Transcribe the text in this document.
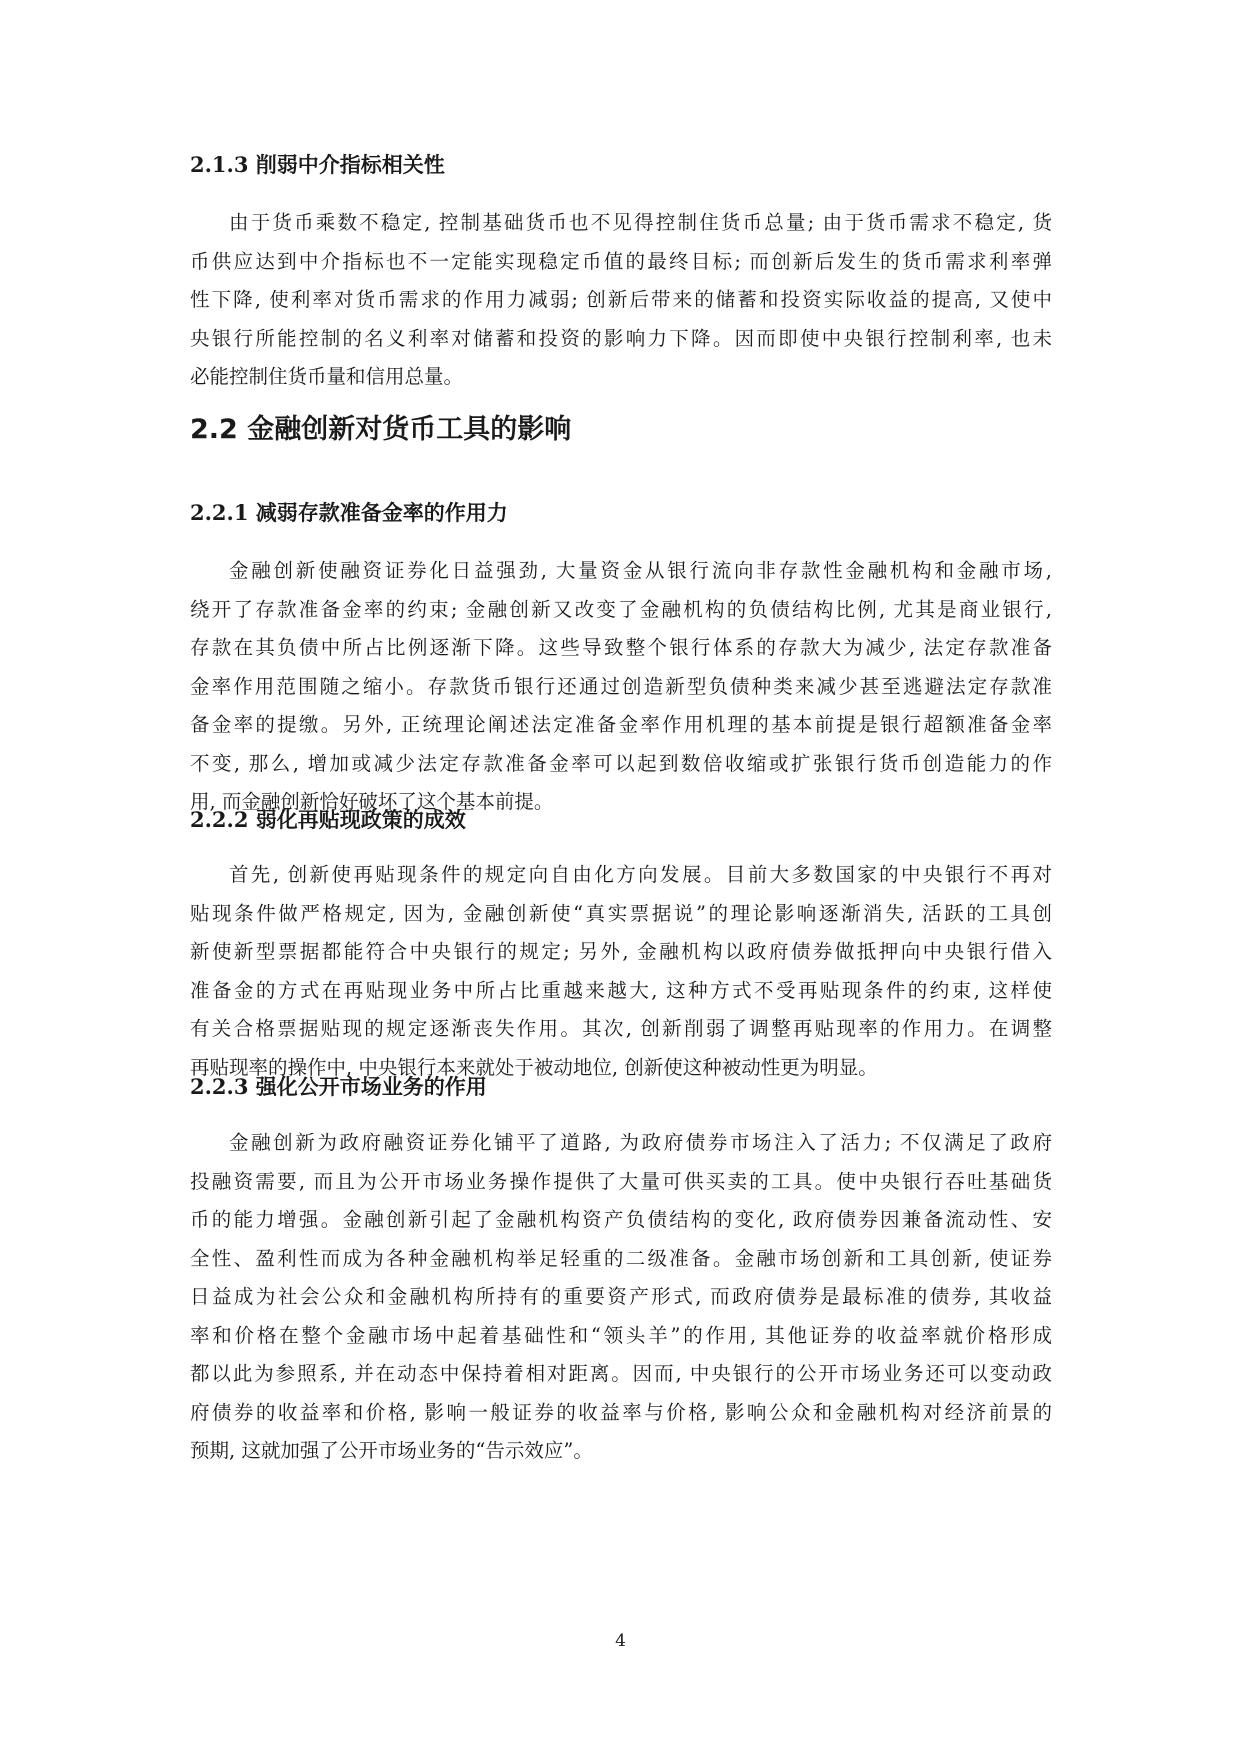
2.1.3 削弱中介指标相关性
由于货币乘数不稳定, 控制基础货币也不见得控制住货币总量; 由于货币需求不稳定, 货
币供应达到中介指标也不一定能实现稳定币值的最终目标; 而创新后发生的货币需求利率弹
性下降, 使利率对货币需求的作用力减弱; 创新后带来的储蓄和投资实际收益的提高, 又使中
央银行所能控制的名义利率对储蓄和投资的影响力下降。因而即使中央银行控制利率, 也未
必能控制住货币量和信用总量。
2.2 金融创新对货币工具的影响
2.2.1 减弱存款准备金率的作用力
金融创新使融资证券化日益强劲, 大量资金从银行流向非存款性金融机构和金融市场,
绕开了存款准备金率的约束; 金融创新又改变了金融机构的负债结构比例, 尤其是商业银行,
存款在其负债中所占比例逐渐下降。这些导致整个银行体系的存款大为减少, 法定存款准备
金率作用范围随之缩小。存款货币银行还通过创造新型负债种类来减少甚至逃避法定存款准
备金率的提缴。另外, 正统理论阐述法定准备金率作用机理的基本前提是银行超额准备金率
不变, 那么, 增加或减少法定存款准备金率可以起到数倍收缩或扩张银行货币创造能力的作
用, 而金融创新恰好破坏了这个基本前提。
2.2.2 弱化再贴现政策的成效
首先, 创新使再贴现条件的规定向自由化方向发展。目前大多数国家的中央银行不再对
贴现条件做严格规定, 因为, 金融创新使“真实票据说”的理论影响逐渐消失, 活跃的工具创
新使新型票据都能符合中央银行的规定; 另外, 金融机构以政府债券做抵押向中央银行借入
准备金的方式在再贴现业务中所占比重越来越大, 这种方式不受再贴现条件的约束, 这样使
有关合格票据贴现的规定逐渐丧失作用。其次, 创新削弱了调整再贴现率的作用力。在调整
再贴现率的操作中, 中央银行本来就处于被动地位, 创新使这种被动性更为明显。
2.2.3 强化公开市场业务的作用
金融创新为政府融资证券化铺平了道路, 为政府债券市场注入了活力; 不仅满足了政府
投融资需要, 而且为公开市场业务操作提供了大量可供买卖的工具。使中央银行吞吐基础货
币的能力增强。金融创新引起了金融机构资产负债结构的变化, 政府债券因兼备流动性、安
全性、盈利性而成为各种金融机构举足轻重的二级准备。金融市场创新和工具创新, 使证券
日益成为社会公众和金融机构所持有的重要资产形式, 而政府债券是最标准的债券, 其收益
率和价格在整个金融市场中起着基础性和“领头羊”的作用, 其他证券的收益率就价格形成
都以此为参照系, 并在动态中保持着相对距离。因而, 中央银行的公开市场业务还可以变动政
府债券的收益率和价格, 影响一般证券的收益率与价格, 影响公众和金融机构对经济前景的
预期, 这就加强了公开市场业务的“告示效应”。
4
